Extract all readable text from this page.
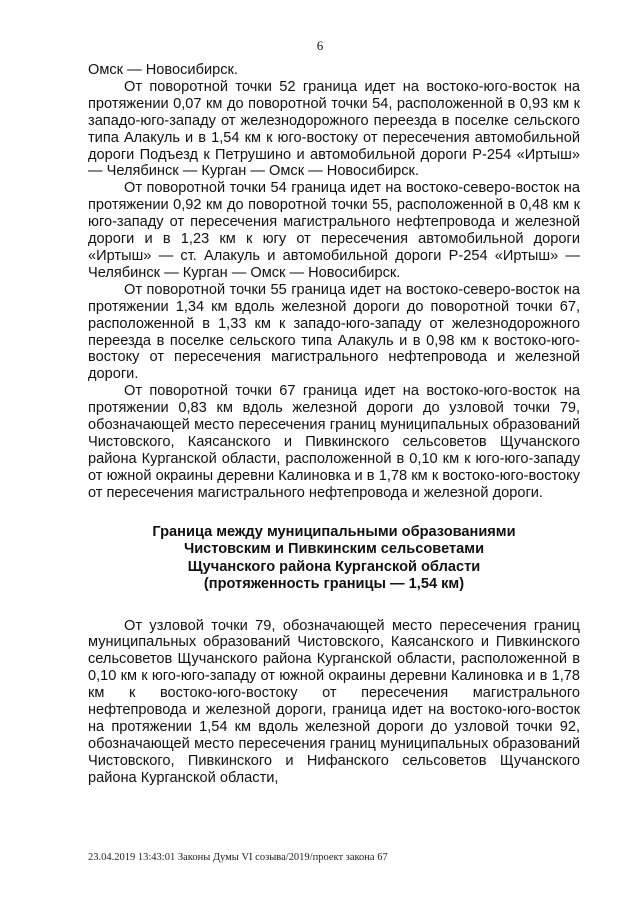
6

Омск — Новосибирск.

От поворотной точки 52 граница идет на востоко-юго-восток на протяжении 0,07 км до поворотной точки 54, расположенной в 0,93 км к западо-юго-западу от железнодорожного переезда в поселке сельского типа Алакуль и в 1,54 км к юго-востоку от пересечения автомобильной дороги Подъезд к Петрушино и автомобильной дороги Р-254 «Иртыш» — Челябинск — Курган — Омск — Новосибирск.

От поворотной точки 54 граница идет на востоко-северо-восток на протяжении 0,92 км до поворотной точки 55, расположенной в 0,48 км к юго-западу от пересечения магистрального нефтепровода и железной дороги и в 1,23 км к югу от пересечения автомобильной дороги «Иртыш» — ст. Алакуль и автомобильной дороги Р-254 «Иртыш» — Челябинск — Курган — Омск — Новосибирск.

От поворотной точки 55 граница идет на востоко-северо-восток на протяжении 1,34 км вдоль железной дороги до поворотной точки 67, расположенной в 1,33 км к западо-юго-западу от железнодорожного переезда в поселке сельского типа Алакуль и в 0,98 км к востоко-юго-востоку от пересечения магистрального нефтепровода и железной дороги.

От поворотной точки 67 граница идет на востоко-юго-восток на протяжении 0,83 км вдоль железной дороги до узловой точки 79, обозначающей место пересечения границ муниципальных образований Чистовского, Каясанского и Пивкинского сельсоветов Щучанского района Курганской области, расположенной в 0,10 км к юго-юго-западу от южной окраины деревни Калиновка и в 1,78 км к востоко-юго-востоку от пересечения магистрального нефтепровода и железной дороги.

Граница между муниципальными образованиями
Чистовским и Пивкинским сельсоветами
Щучанского района Курганской области
(протяженность границы — 1,54 км)

От узловой точки 79, обозначающей место пересечения границ муниципальных образований Чистовского, Каясанского и Пивкинского сельсоветов Щучанского района Курганской области, расположенной в 0,10 км к юго-юго-западу от южной окраины деревни Калиновка и в 1,78 км к востоко-юго-востоку от пересечения магистрального нефтепровода и железной дороги, граница идет на востоко-юго-восток на протяжении 1,54 км вдоль железной дороги до узловой точки 92, обозначающей место пересечения границ муниципальных образований Чистовского, Пивкинского и Нифанского сельсоветов Щучанского района Курганской области,

23.04.2019 13:43:01 Законы Думы VI созыва/2019/проект закона 67
